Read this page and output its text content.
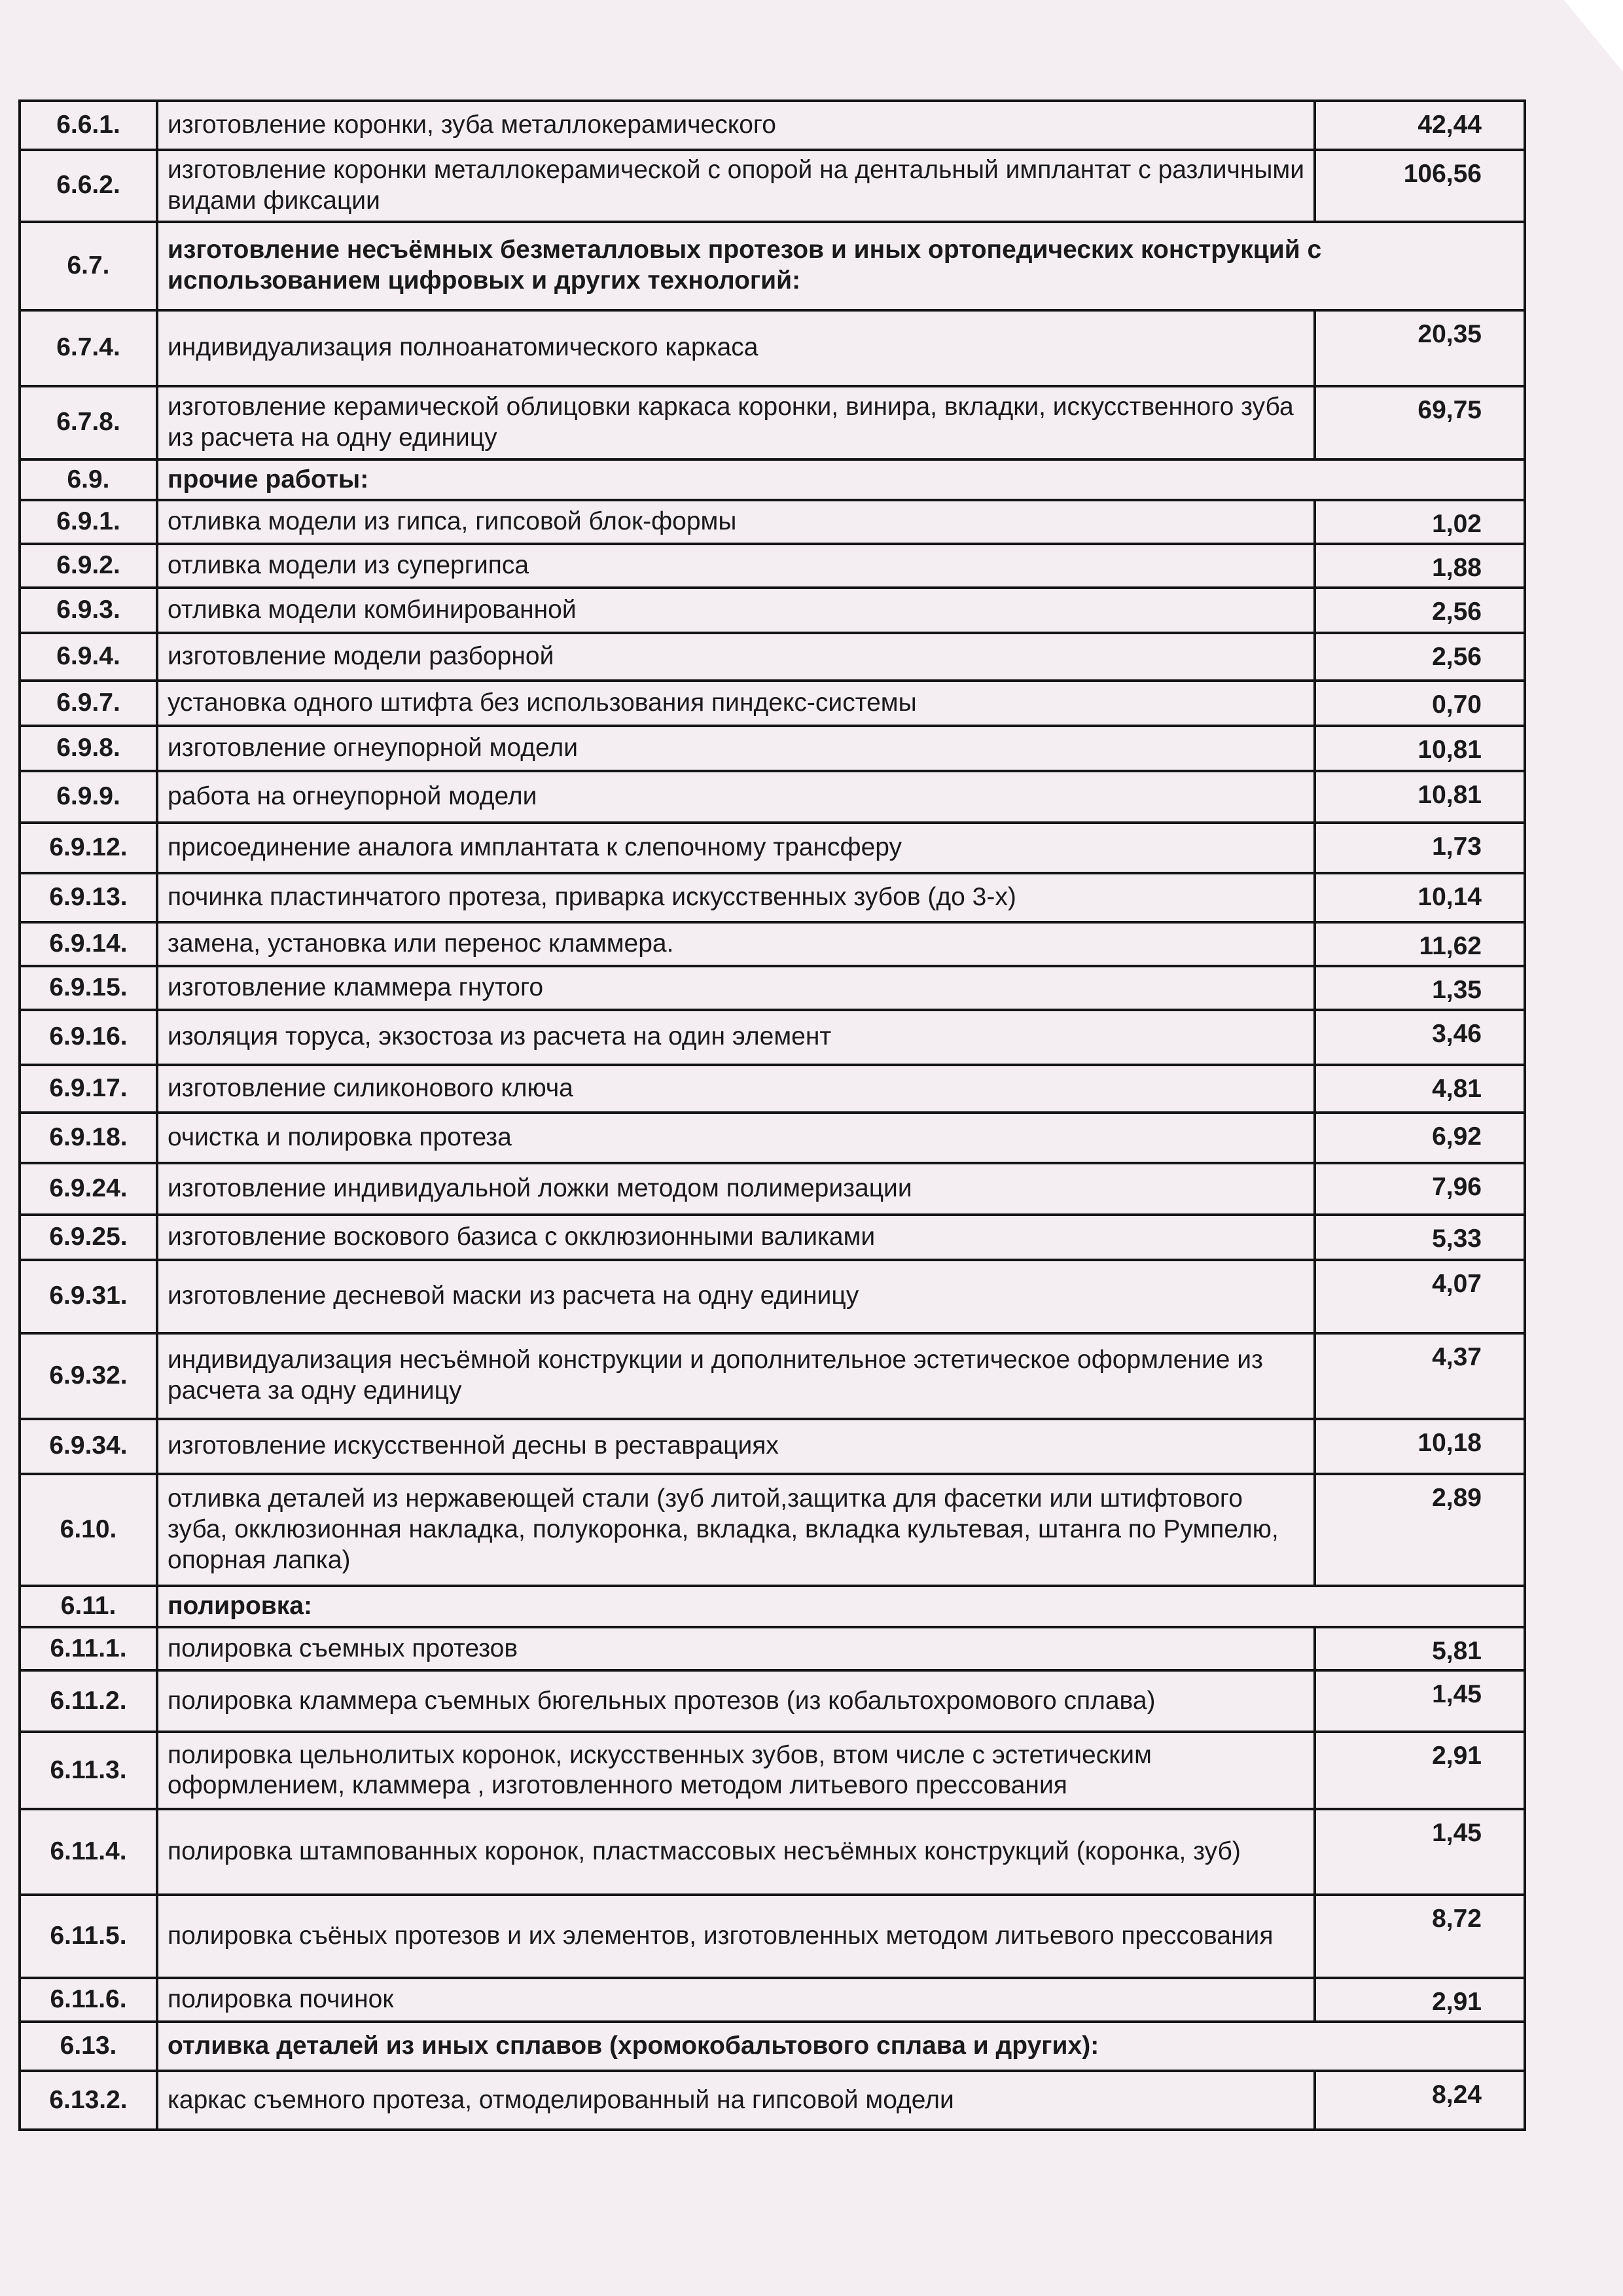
6.6.1.	изготовление коронки, зуба металлокерамического	42,44
6.6.2.	изготовление коронки металлокерамической с опорой на дентальный имплантат с различными видами фиксации	106,56
6.7.	изготовление несъёмных безметалловых протезов и иных ортопедических конструкций с использованием цифровых и других технологий:	
6.7.4.	индивидуализация полноанатомического каркаса	20,35
6.7.8.	изготовление керамической облицовки каркаса коронки, винира, вкладки, искусственного зуба из расчета на одну единицу	69,75
6.9.	прочие работы:	
6.9.1.	отливка модели из гипса, гипсовой блок-формы	1,02
6.9.2.	отливка модели из супергипса	1,88
6.9.3.	отливка модели комбинированной	2,56
6.9.4.	изготовление модели разборной	2,56
6.9.7.	установка одного штифта без использования пиндекс-системы	0,70
6.9.8.	изготовление огнеупорной модели	10,81
6.9.9.	работа на огнеупорной модели	10,81
6.9.12.	присоединение аналога имплантата к слепочному трансферу	1,73
6.9.13.	починка пластинчатого протеза, приварка искусственных зубов (до 3-х)	10,14
6.9.14.	замена, установка или перенос кламмера.	11,62
6.9.15.	изготовление кламмера гнутого	1,35
6.9.16.	изоляция торуса, экзостоза из расчета на один элемент	3,46
6.9.17.	изготовление силиконового ключа	4,81
6.9.18.	очистка и полировка протеза	6,92
6.9.24.	изготовление индивидуальной ложки методом полимеризации	7,96
6.9.25.	изготовление воскового базиса с окклюзионными валиками	5,33
6.9.31.	изготовление десневой маски из расчета на одну единицу	4,07
6.9.32.	индивидуализация несъёмной конструкции и дополнительное эстетическое оформление из расчета за одну единицу	4,37
6.9.34.	изготовление искусственной десны в реставрациях	10,18
6.10.	отливка деталей из нержавеющей стали (зуб литой,защитка для фасетки или штифтового зуба, окклюзионная накладка, полукоронка, вкладка, вкладка культевая, штанга по Румпелю, опорная лапка)	2,89
6.11.	полировка:	
6.11.1.	полировка съемных протезов	5,81
6.11.2.	полировка кламмера съемных бюгельных протезов (из кобальтохромового сплава)	1,45
6.11.3.	полировка цельнолитых коронок, искусственных зубов, втом числе с эстетическим оформлением, кламмера , изготовленного методом литьевого прессования	2,91
6.11.4.	полировка штампованных коронок, пластмассовых несъёмных конструкций (коронка, зуб)	1,45
6.11.5.	полировка съёных протезов и их элементов, изготовленных методом литьевого прессования	8,72
6.11.6.	полировка починок	2,91
6.13.	отливка деталей из иных сплавов (хромокобальтового сплава и других):	
6.13.2.	каркас съемного протеза, отмоделированный на гипсовой модели	8,24
